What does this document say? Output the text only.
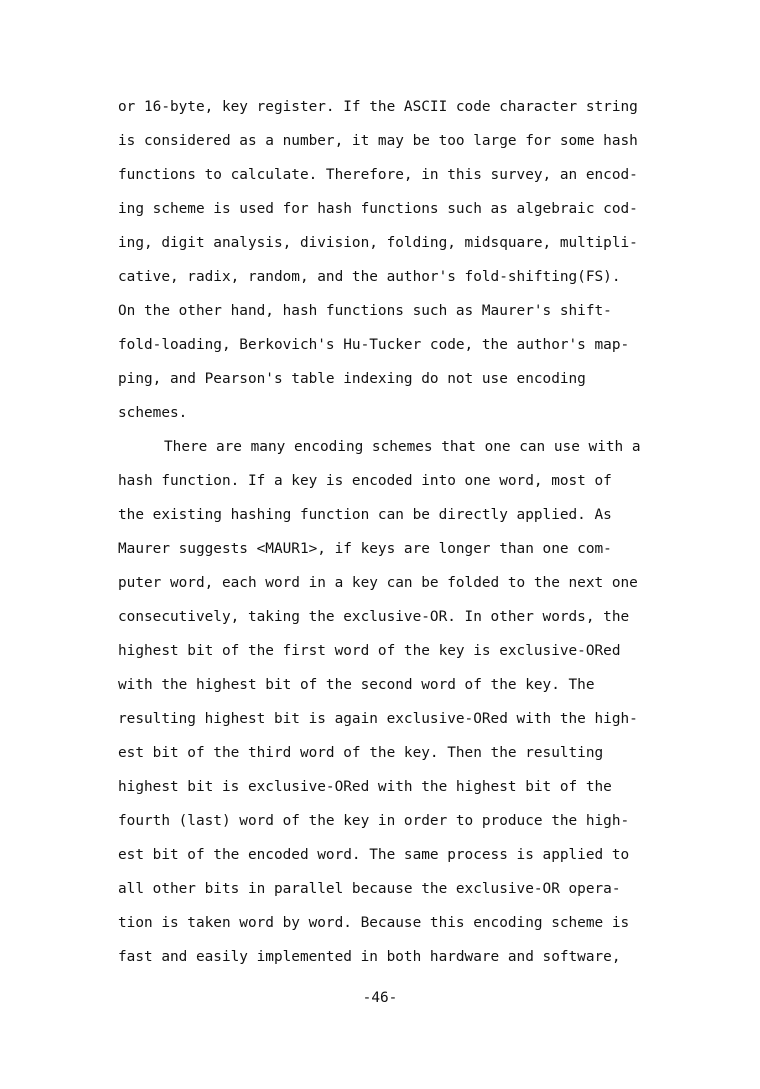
or 16-byte, key register. If the ASCII code character string
is considered as a number, it may be too large for some hash
functions to calculate. Therefore, in this survey, an encod-
ing scheme is used for hash functions such as algebraic cod-
ing, digit analysis, division, folding, midsquare, multipli-
cative, radix, random, and the author's fold-shifting(FS).
On the other hand, hash functions such as Maurer's shift-
fold-loading, Berkovich's Hu-Tucker code, the author's map-
ping, and Pearson's table indexing do not use encoding
schemes.
There are many encoding schemes that one can use with a
hash function. If a key is encoded into one word, most of
the existing hashing function can be directly applied. As
Maurer suggests <MAUR1>, if keys are longer than one com-
puter word, each word in a key can be folded to the next one
consecutively, taking the exclusive-OR. In other words, the
highest bit of the first word of the key is exclusive-ORed
with the highest bit of the second word of the key. The
resulting highest bit is again exclusive-ORed with the high-
est bit of the third word of the key. Then the resulting
highest bit is exclusive-ORed with the highest bit of the
fourth (last) word of the key in order to produce the high-
est bit of the encoded word. The same process is applied to
all other bits in parallel because the exclusive-OR opera-
tion is taken word by word. Because this encoding scheme is
fast and easily implemented in both hardware and software,
-46-
